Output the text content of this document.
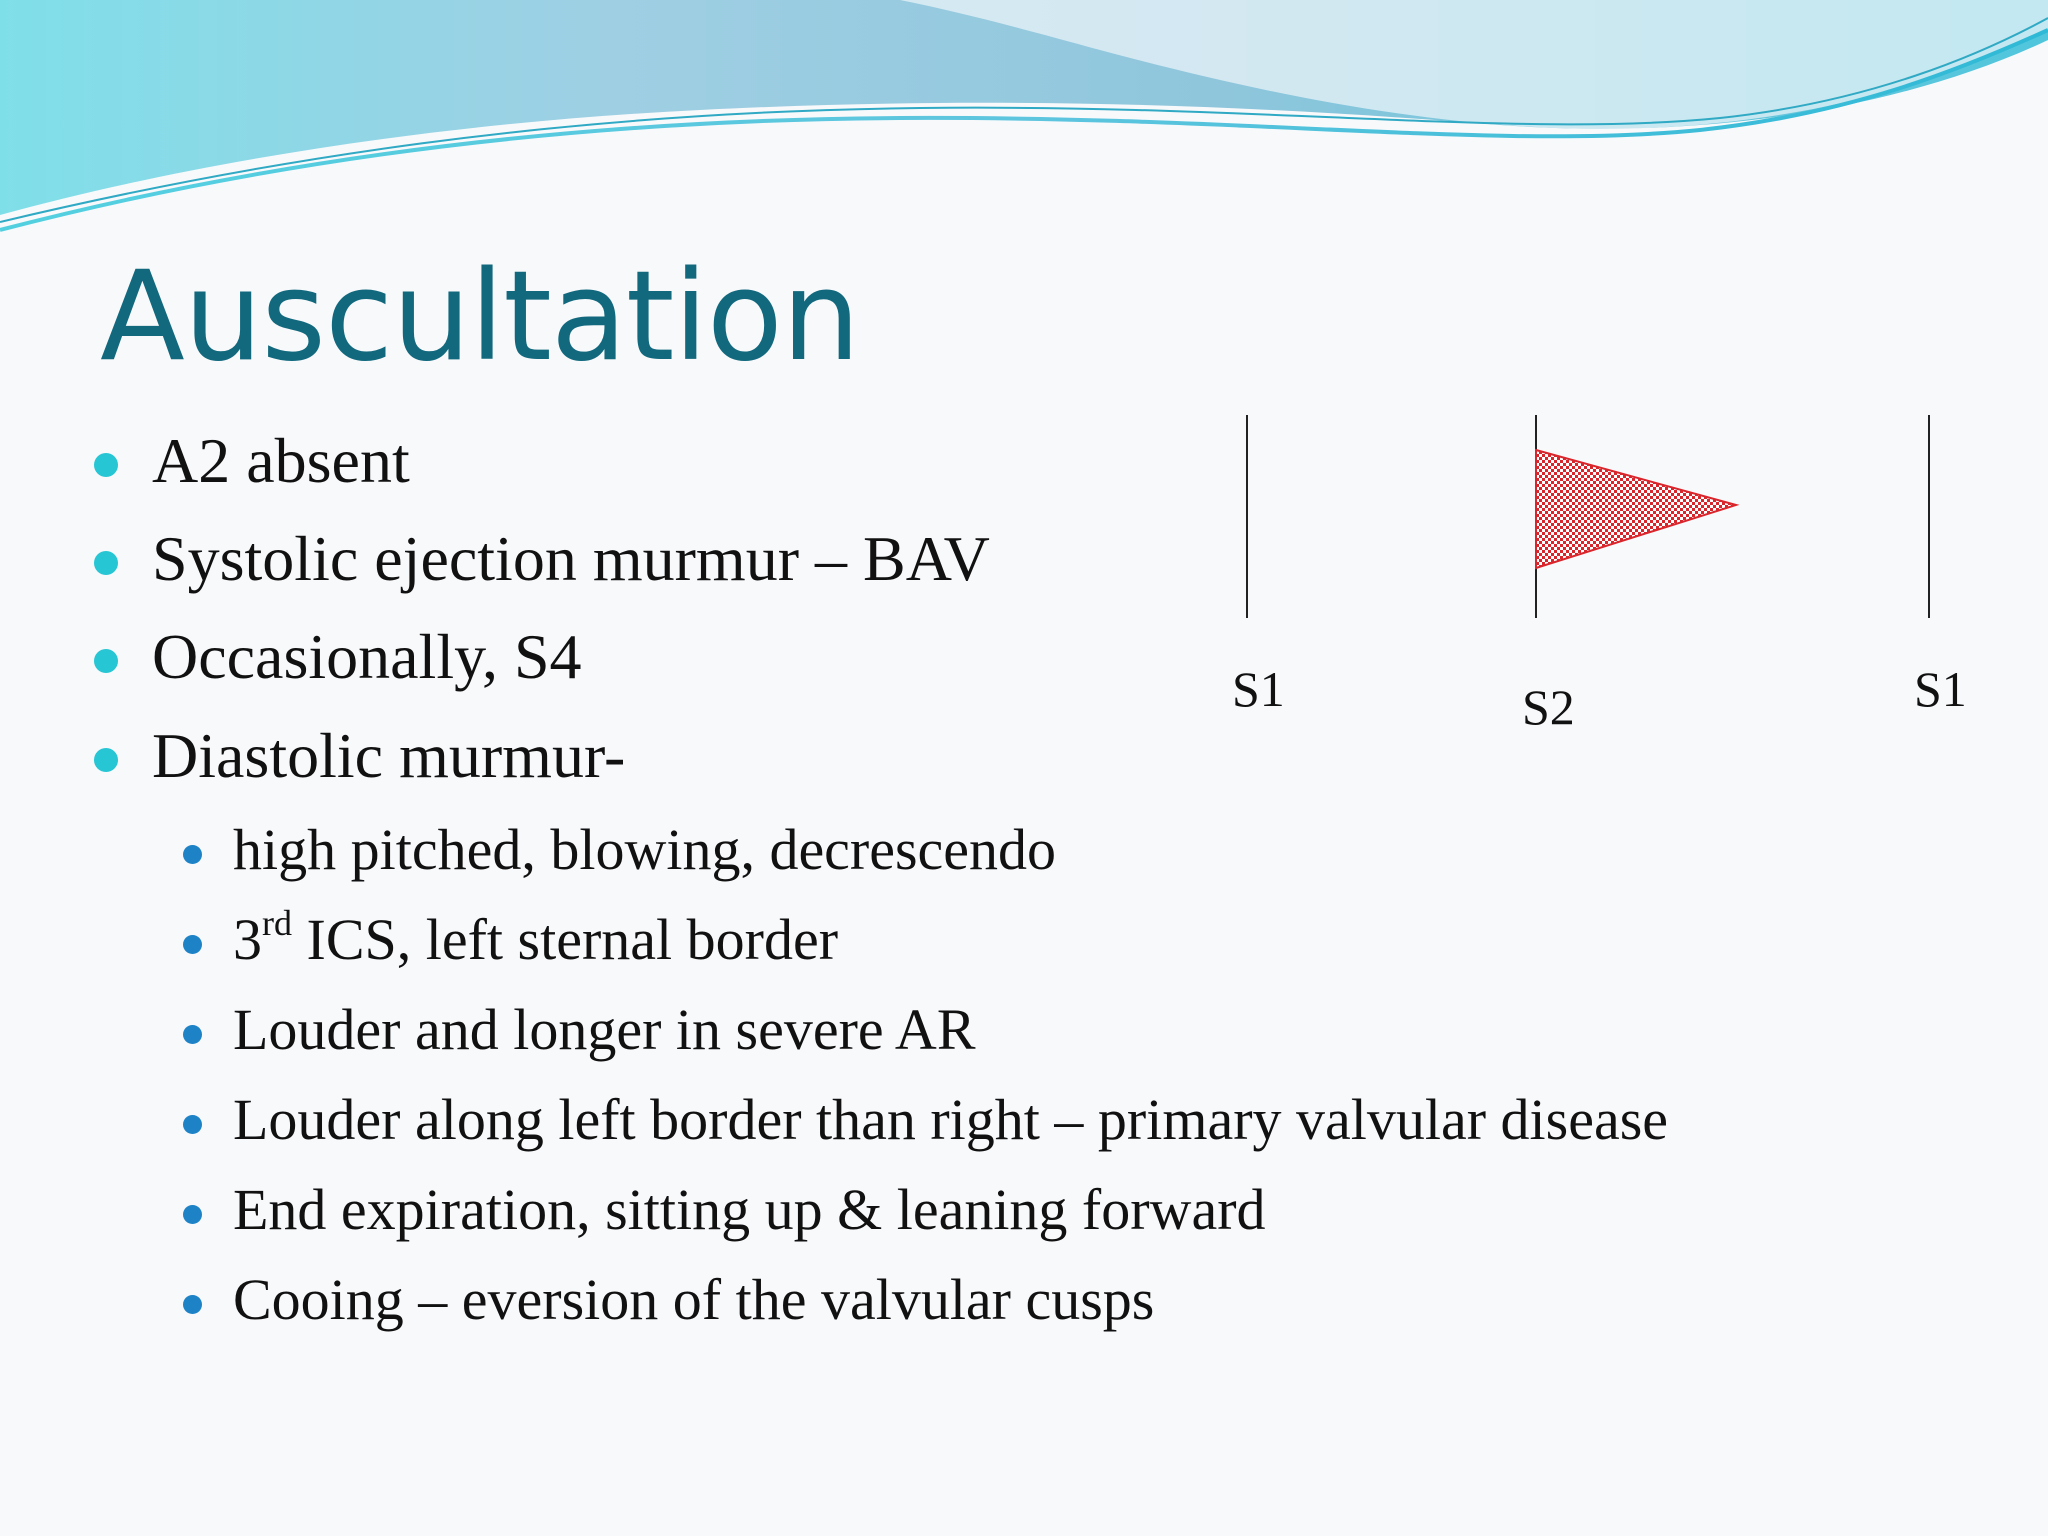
Auscultation
A2 absent
Systolic ejection murmur – BAV
Occasionally, S4
Diastolic murmur-
high pitched, blowing, decrescendo
3rd ICS, left sternal border
Louder and longer in severe AR
Louder along left border than right – primary valvular disease
End expiration, sitting up & leaning forward
Cooing – eversion of the valvular cusps
S1	S2	S1
